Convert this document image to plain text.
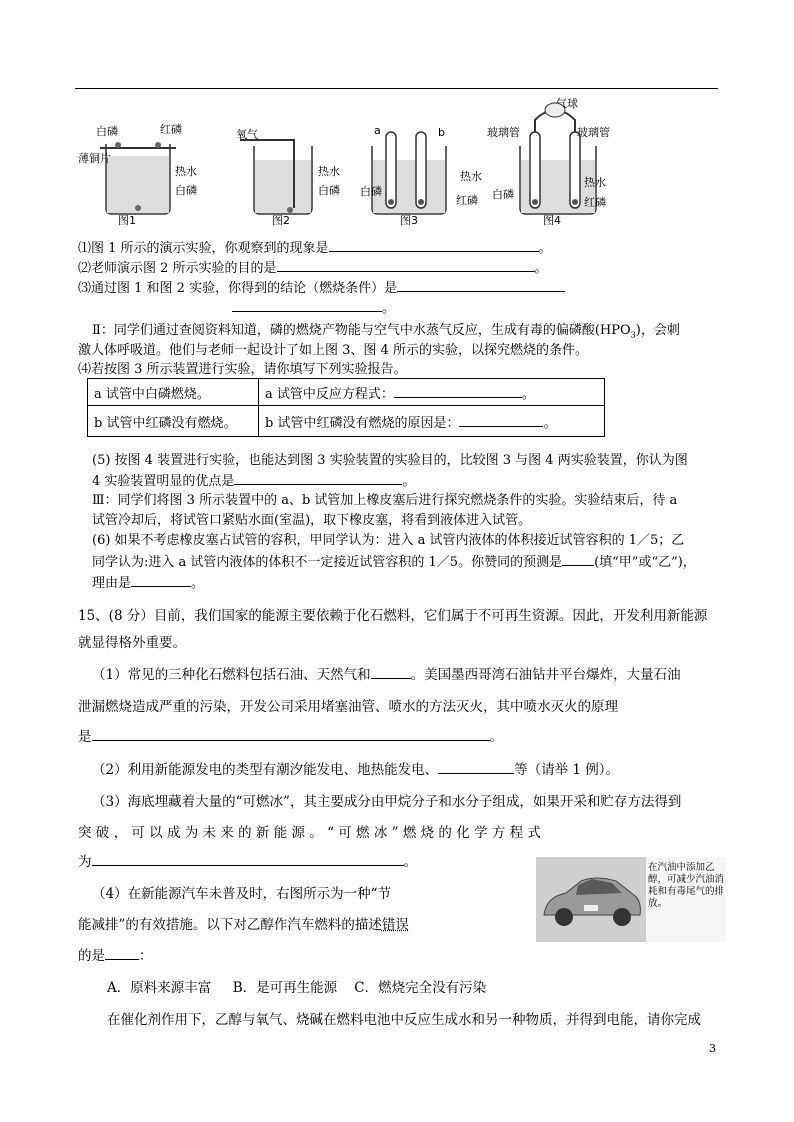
白磷	红磷
薄铜片
热水
白磷
图1
氧气
热水
白磷
图2
a	b
热水
白磷
红磷
图3
气球
玻璃管	玻璃管
热水
白磷
红磷
图4
⑴图 1 所示的演示实验，你观察到的现象是	。
⑵老师演示图 2 所示实验的目的是	。
⑶通过图 1 和图 2 实验，你得到的结论（燃烧条件）是
。
Ⅱ：同学们通过查阅资料知道，磷的燃烧产物能与空气中水蒸气反应，生成有毒的偏磷酸$(HPO_3)$，会刺
激人体呼吸道。他们与老师一起设计了如上图 3、图 4 所示的实验，以探究燃烧的条件。
⑷若按图 3 所示装置进行实验，请你填写下列实验报告。
a 试管中白磷燃烧。	a 试管中反应方程式： 。
b 试管中红磷没有燃烧。	b 试管中红磷没有燃烧的原因是： 。
(5) 按图 4 装置进行实验，也能达到图 3 实验装置的实验目的，比较图 3 与图 4 两实验装置，你认为图
4 实验装置明显的优点是	。
Ⅲ：同学们将图 3 所示装置中的 a、b 试管加上橡皮塞后进行探究燃烧条件的实验。实验结束后，待 a
试管冷却后，将试管口紧贴水面(室温)，取下橡皮塞，将看到液体进入试管。
(6) 如果不考虑橡皮塞占试管的容积，甲同学认为：进入 a 试管内液体的体积接近试管容积的 1／5；乙
同学认为:进入 a 试管内液体的体积不一定接近试管容积的 1／5。你赞同的预测是 (填“甲”或“乙”)，
理由是	。
15、(8 分）目前，我们国家的能源主要依赖于化石燃料，它们属于不可再生资源。因此，开发利用新能源
就显得格外重要。
（1）常见的三种化石燃料包括石油、天然气和	。美国墨西哥湾石油钻井平台爆炸，大量石油
泄漏燃烧造成严重的污染，开发公司采用堵塞油管、喷水的方法灭火，其中喷水灭火的原理
是	。
（2）利用新能源发电的类型有潮汐能发电、地热能发电、	等（请举 1 例）。
（3）海底埋藏着大量的“可燃冰”，其主要成分由甲烷分子和水分子组成，如果开采和贮存方法得到
突 破 ， 可 以 成 为 未 来 的 新 能 源 。 “ 可 燃 冰 ” 燃 烧 的 化 学 方 程 式
为	。
（4）在新能源汽车未普及时，右图所示为一种“节
能减排”的有效措施。以下对乙醇作汽车燃料的描述错误
的是	：
在汽油中添加乙醇，可减少汽油消耗和有毒尾气的排放。
A．原料来源丰富     B．是可再生能源    C．燃烧完全没有污染
在催化剂作用下，乙醇与氧气、烧碱在燃料电池中反应生成水和另一种物质，并得到电能，请你完成
3
